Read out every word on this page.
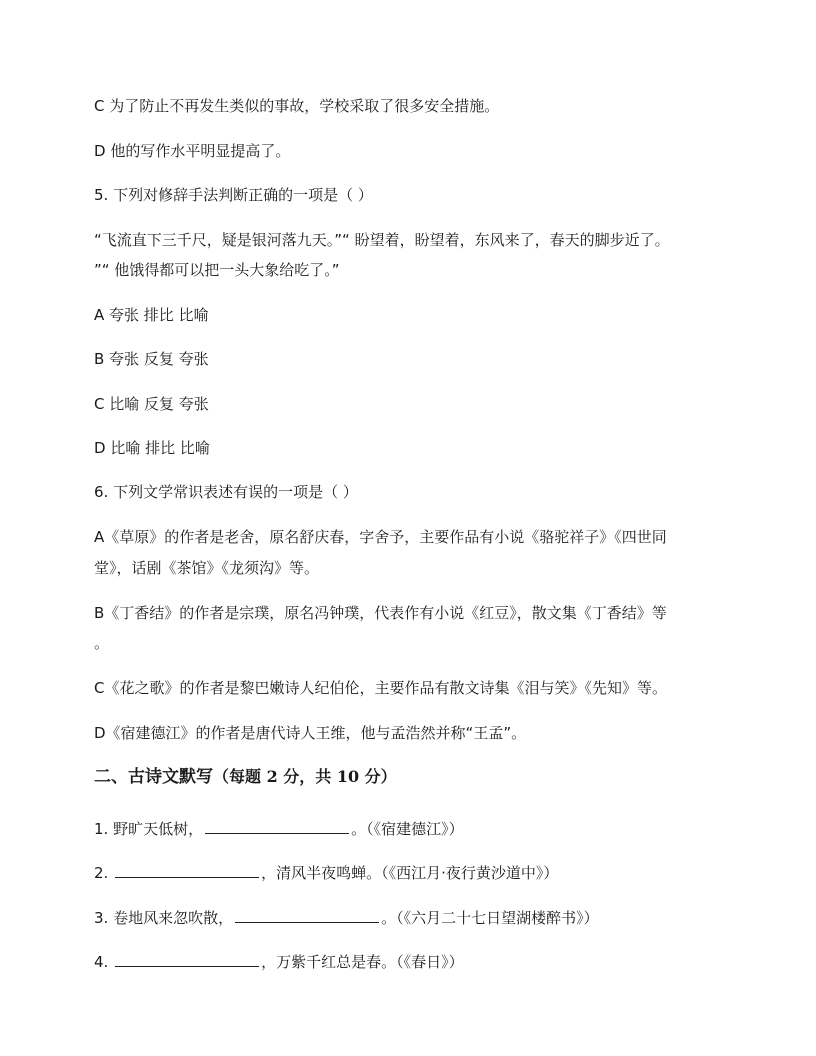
C 为了防止不再发生类似的事故，学校采取了很多安全措施。
D 他的写作水平明显提高了。
5. 下列对修辞手法判断正确的一项是（ ）
“飞流直下三千尺，疑是银河落九天。”“ 盼望着，盼望着，东风来了，春天的脚步近了。
”“ 他饿得都可以把一头大象给吃了。”
A 夸张 排比 比喻
B 夸张 反复 夸张
C 比喻 反复 夸张
D 比喻 排比 比喻
6. 下列文学常识表述有误的一项是（ ）
A《草原》的作者是老舍，原名舒庆春，字舍予，主要作品有小说《骆驼祥子》《四世同
堂》，话剧《茶馆》《龙须沟》等。
B《丁香结》的作者是宗璞，原名冯钟璞，代表作有小说《红豆》，散文集《丁香结》等
。
C《花之歌》的作者是黎巴嫩诗人纪伯伦，主要作品有散文诗集《泪与笑》《先知》等。
D《宿建德江》的作者是唐代诗人王维，他与孟浩然并称“王孟”。
二、古诗文默写（每题 2 分，共 10 分）
1. 野旷天低树，	。（《宿建德江》）
2.	，清风半夜鸣蝉。（《西江月·夜行黄沙道中》）
3. 卷地风来忽吹散，	。（《六月二十七日望湖楼醉书》）
4.	，万紫千红总是春。（《春日》）
